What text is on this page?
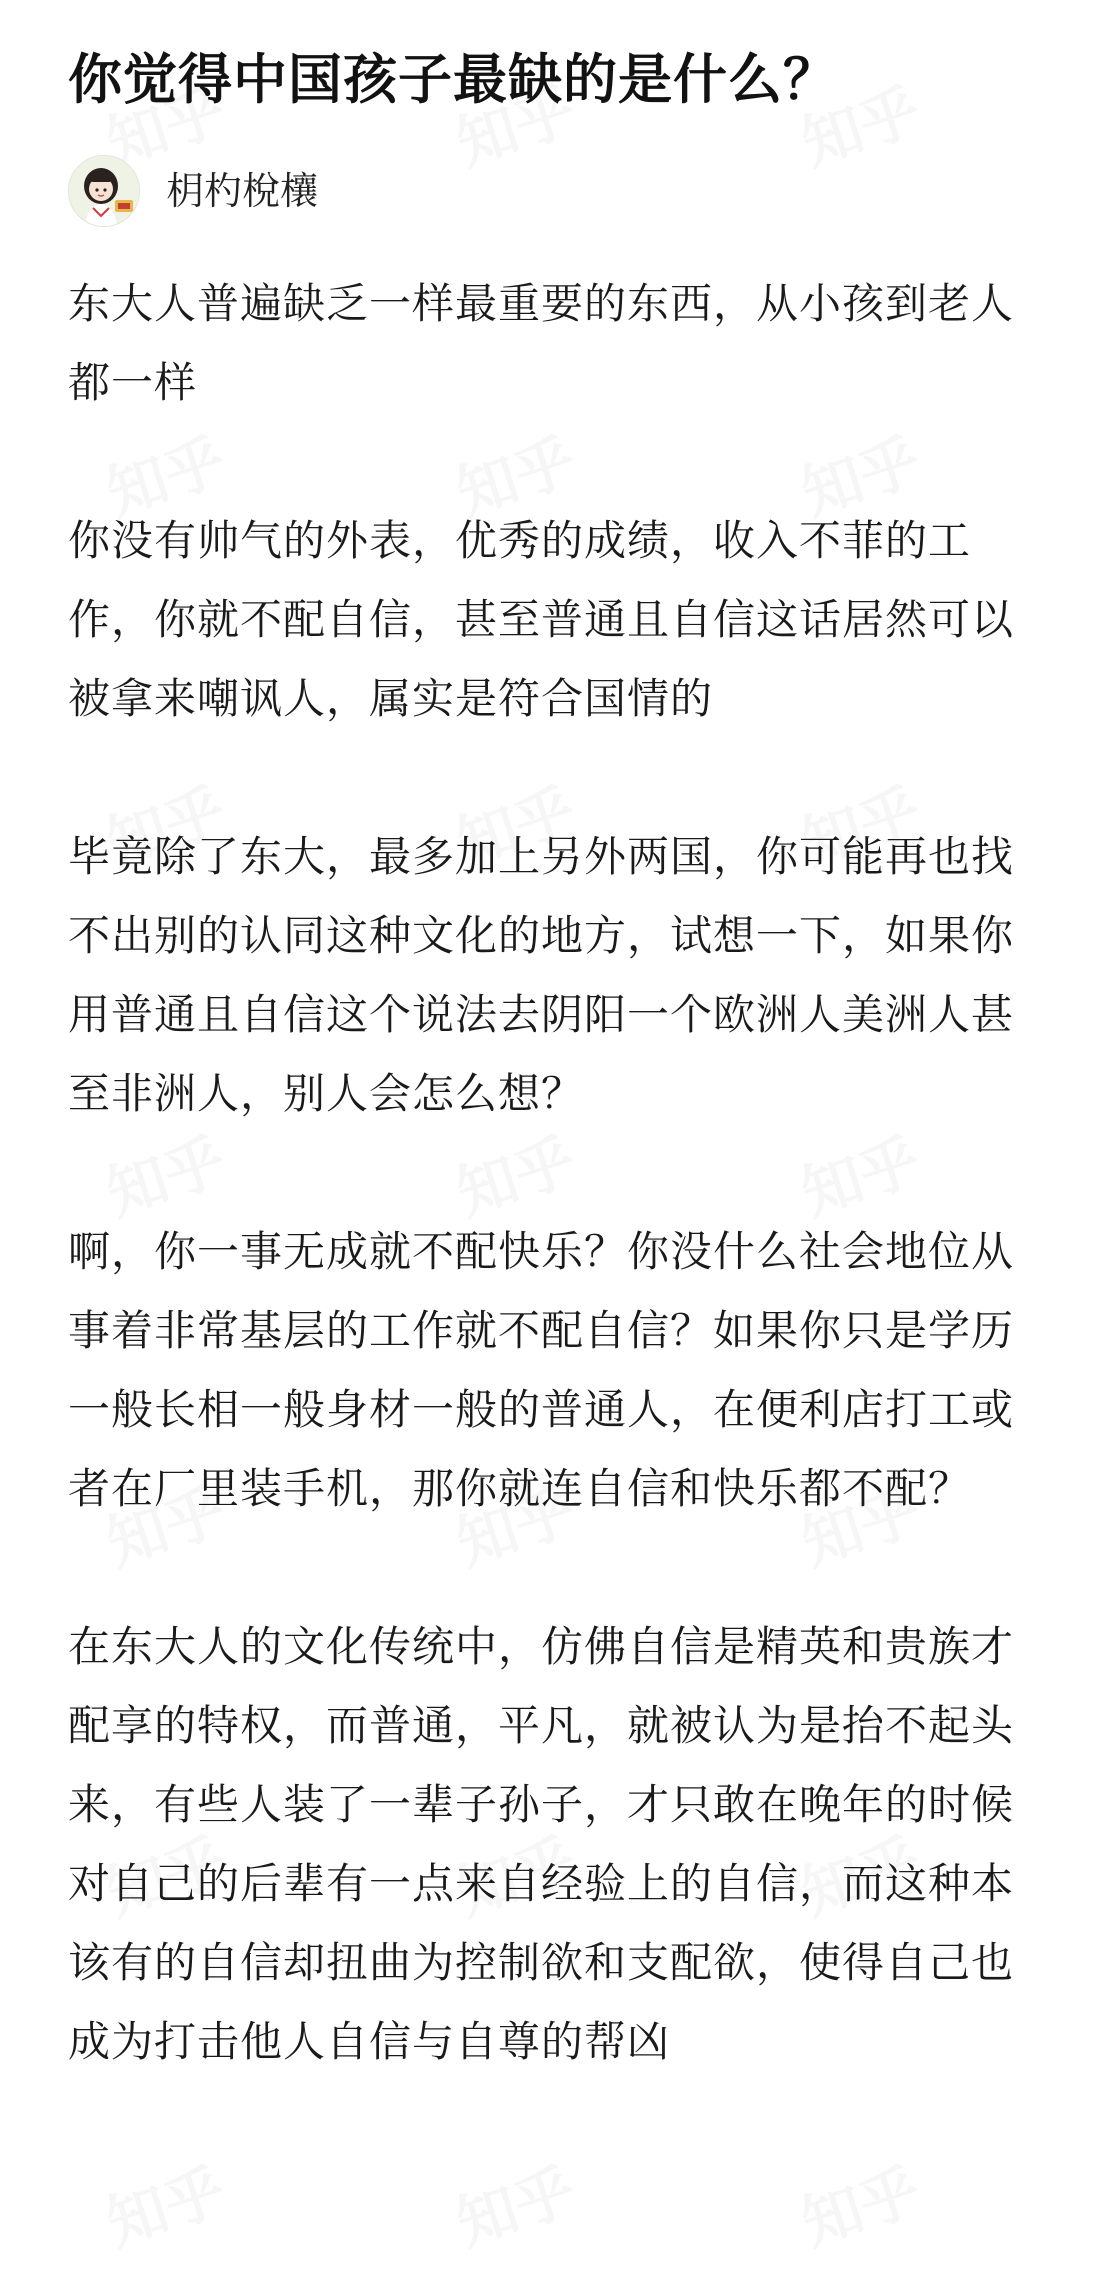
你觉得中国孩子最缺的是什么？
枂杓梲欀

东大人普遍缺乏一样最重要的东西，从小孩到老人都一样

你没有帅气的外表，优秀的成绩，收入不菲的工作，你就不配自信，甚至普通且自信这话居然可以被拿来嘲讽人，属实是符合国情的

毕竟除了东大，最多加上另外两国，你可能再也找不出别的认同这种文化的地方，试想一下，如果你用普通且自信这个说法去阴阳一个欧洲人美洲人甚至非洲人，别人会怎么想？

啊，你一事无成就不配快乐？你没什么社会地位从事着非常基层的工作就不配自信？如果你只是学历一般长相一般身材一般的普通人，在便利店打工或者在厂里装手机，那你就连自信和快乐都不配？

在东大人的文化传统中，仿佛自信是精英和贵族才配享的特权，而普通，平凡，就被认为是抬不起头来，有些人装了一辈子孙子，才只敢在晚年的时候对自己的后辈有一点来自经验上的自信，而这种本该有的自信却扭曲为控制欲和支配欲，使得自己也成为打击他人自信与自尊的帮凶
